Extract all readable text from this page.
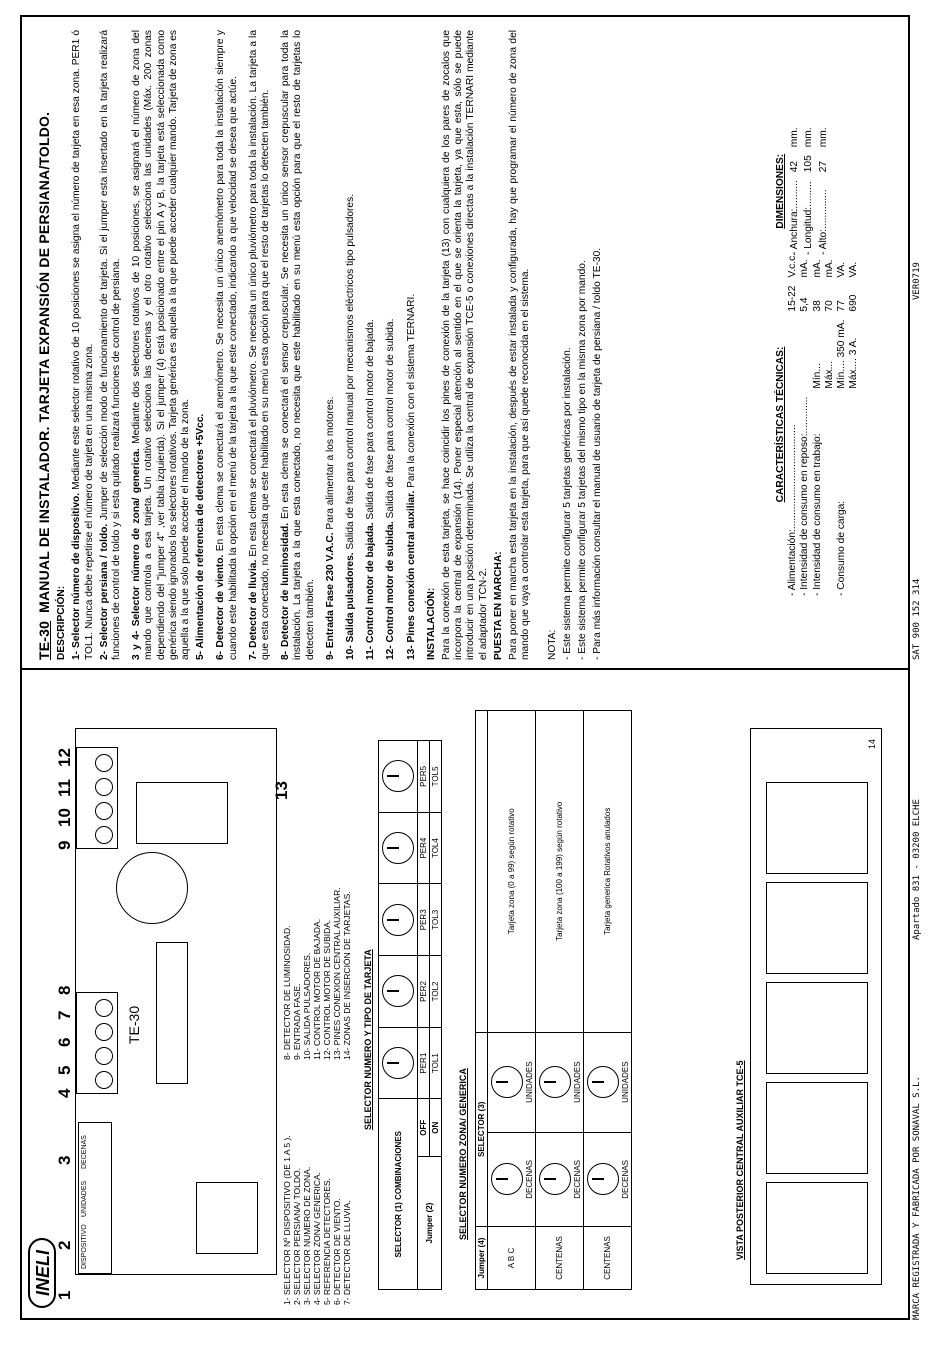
INELI 1
2
3
4
5
6
7
8
9
10
11
12
13
DISPOSITIVO
UNIDADES
DECENAS
TE-30
1- SELECTOR Nº DISPOSITIVO (DE 1 A 5 ). 2- SELECTOR PERSIANA/ TOLDO. 3- SELECTOR NUMERO DE ZONA. 4- SELECTOR ZONA/ GENERICA. 5- REFERENCIA DETECTORES. 6- DETECTOR DE VIENTO. 7- DETECTOR DE LLUVIA.
8- DETECTOR DE LUMINOSIDAD. 9- ENTRADA FASE. 10- SALIDA PULSADORES. 11- CONTROL MOTOR DE BAJADA. 12- CONTROL MOTOR DE SUBIDA. 13- PINES CONEXION CENTRAL AUXILIAR. 14- ZONAS DE INSERCIÓN DE TARJETAS. SELECTOR NUMERO Y TIPO DE TARJETA
SELECTOR (1) COMBINACIONES		

Jumper (2)	OFF	PER1	PER2	PER3	PER4	PER5
	ON	TOL1	TOL2	TOL3	TOL4	TOL5
SELECTOR NUMERO ZONA/ GENERICA
Jumper (4)	SELECTOR (3)		
A B C	DECENAS	UNIDADES	Tarjeta zona (0 a 99) según rotativo
CENTENAS	DECENAS	UNIDADES	Tarjeta zona (100 a 199) según rotativo
CENTENAS	DECENAS	UNIDADES	Tarjeta generica Rotativos anulados
VISTA POSTERIOR CENTRAL AUXILIAR TCE-5
14
TE-30MANUAL DE INSTALADOR. TARJETA EXPANSIÓN DE PERSIANA/TOLDO.

DESCRIPCIÓN: 1- Selector número de dispositivo. Mediante este selector rotativo de 10 posiciones se asigna el número de tarjeta en esa zona. PER1 ó TOL1. Nunca debe repetirse el número de tarjeta en una misma zona. 2- Selector persiana / toldo. Jumper de selección modo de funcionamiento de tarjeta. Si el jumper esta insertado en la tarjeta realizará funciones de control de toldo y si esta quitado realizará funciones de control de persiana. 3 y 4- Selector número de zona/ generica. Mediante dos selectores rotativos de 10 posiciones, se asignará el número de zona del mando que controla a esa tarjeta. Un rotativo selecciona las decenas y el otro rotativo selecciona las unidades (Máx. 200 zonas dependiendo del "jumper 4" ,ver tabla izquierda). Si el jumper (4) está posicionado entre el pin A y B, la tarjeta está seleccionada como genérica siendo ignorados los selectores rotativos. Tarjeta genérica es aquella a la que puede acceder cualquier mando. Tarjeta de zona es aquella a la que solo puede acceder el mando de la zona. 5- Alimentación de referencia de detectores +5Vcc. 6- Detector de viento. En esta clema se conectará el anemómetro. Se necesita un único anemómetro para toda la instalación siempre y cuando este habilitada la opción en el menú de la tarjeta a la que este conectado, indicando a que velocidad se desea que actúe. 7- Detector de lluvia. En esta clema se conectará el pluviómetro. Se necesita un único pluviómetro para toda la instalación. La tarjeta a la que esta conectado, no necesita que este habilitado en su menú esta opción para que el resto de tarjetas lo detecten también. 8- Detector de luminosidad. En esta clema se conectará el sensor crepuscular. Se necesita un único sensor crepuscular para toda la instalación. La tarjeta a la que esta conectado, no necesita que este habilitado en su menú esta opción para que el resto de tarjetas lo detecten también. 9- Entrada Fase 230 V.A.C. Para alimentar a los motores.

10- Salida pulsadores. Salida de fase para control manual por mecanismos eléctricos tipo pulsadores.

11- Control motor de bajada. Salida de fase para control motor de bajada.

12- Control motor de subida. Salida de fase para control motor de subida.

13- Pines conexión central auxiliar. Para la conexión con el sistema TERNARI.

INSTALACIÓN: Para la conexión de esta tarjeta, se hace coincidir los pines de conexión de la tarjeta (13) con cualquiera de los pares de zocalos que incorpora la central de expansión (14). Poner especial atención al sentido en el que se orienta la tarjeta, ya que esta, sólo se puede introducir en una posición determinada. Se utiliza la central de expansión TCE-5 o conexiones directas a la instalación TERNARI mediante el adaptador TCN-2. PUESTA EN MARCHA: Para poner en marcha esta tarjeta en la instalación, después de estar instalada y configurada, hay que programar el número de zona del mando que vaya a controlar esta tarjeta, para que así quede reconocida en el sistema. NOTA: - Este sistema permite configurar 5 tarjetas genéricas por instalación. - Este sistema permite configurar 5 tarjetas del mismo tipo en la misma zona por mando. - Para más información consultar el manual de usuario de tarjeta de persiana / toldo TE-30.	CARACTERÍSTICAS TÉCNICAS: - Alimentación:.....................................		15-22	V.c.c.
- Intensidad de consumo en reposo:.............		5,4	mA.
- Intensidad de consumo en trabajo:	Mín...	38	mA.
	Máx...	70	mA.
- Consumo de carga:	Mín.... 350 mA.	77	VA.
	Máx.... 3 A.	690	VA.
DIMENSIONES: - Anchura:..........	42	mm.
- Longitud:.........	105	mm.
- Alto:..............	27	mm.
MARCA REGISTRADA Y FABRICADA POR SONAVAL S.L.
Apartado 831 - 03200 ELCHE
SAT 900 152 314
VER0719
